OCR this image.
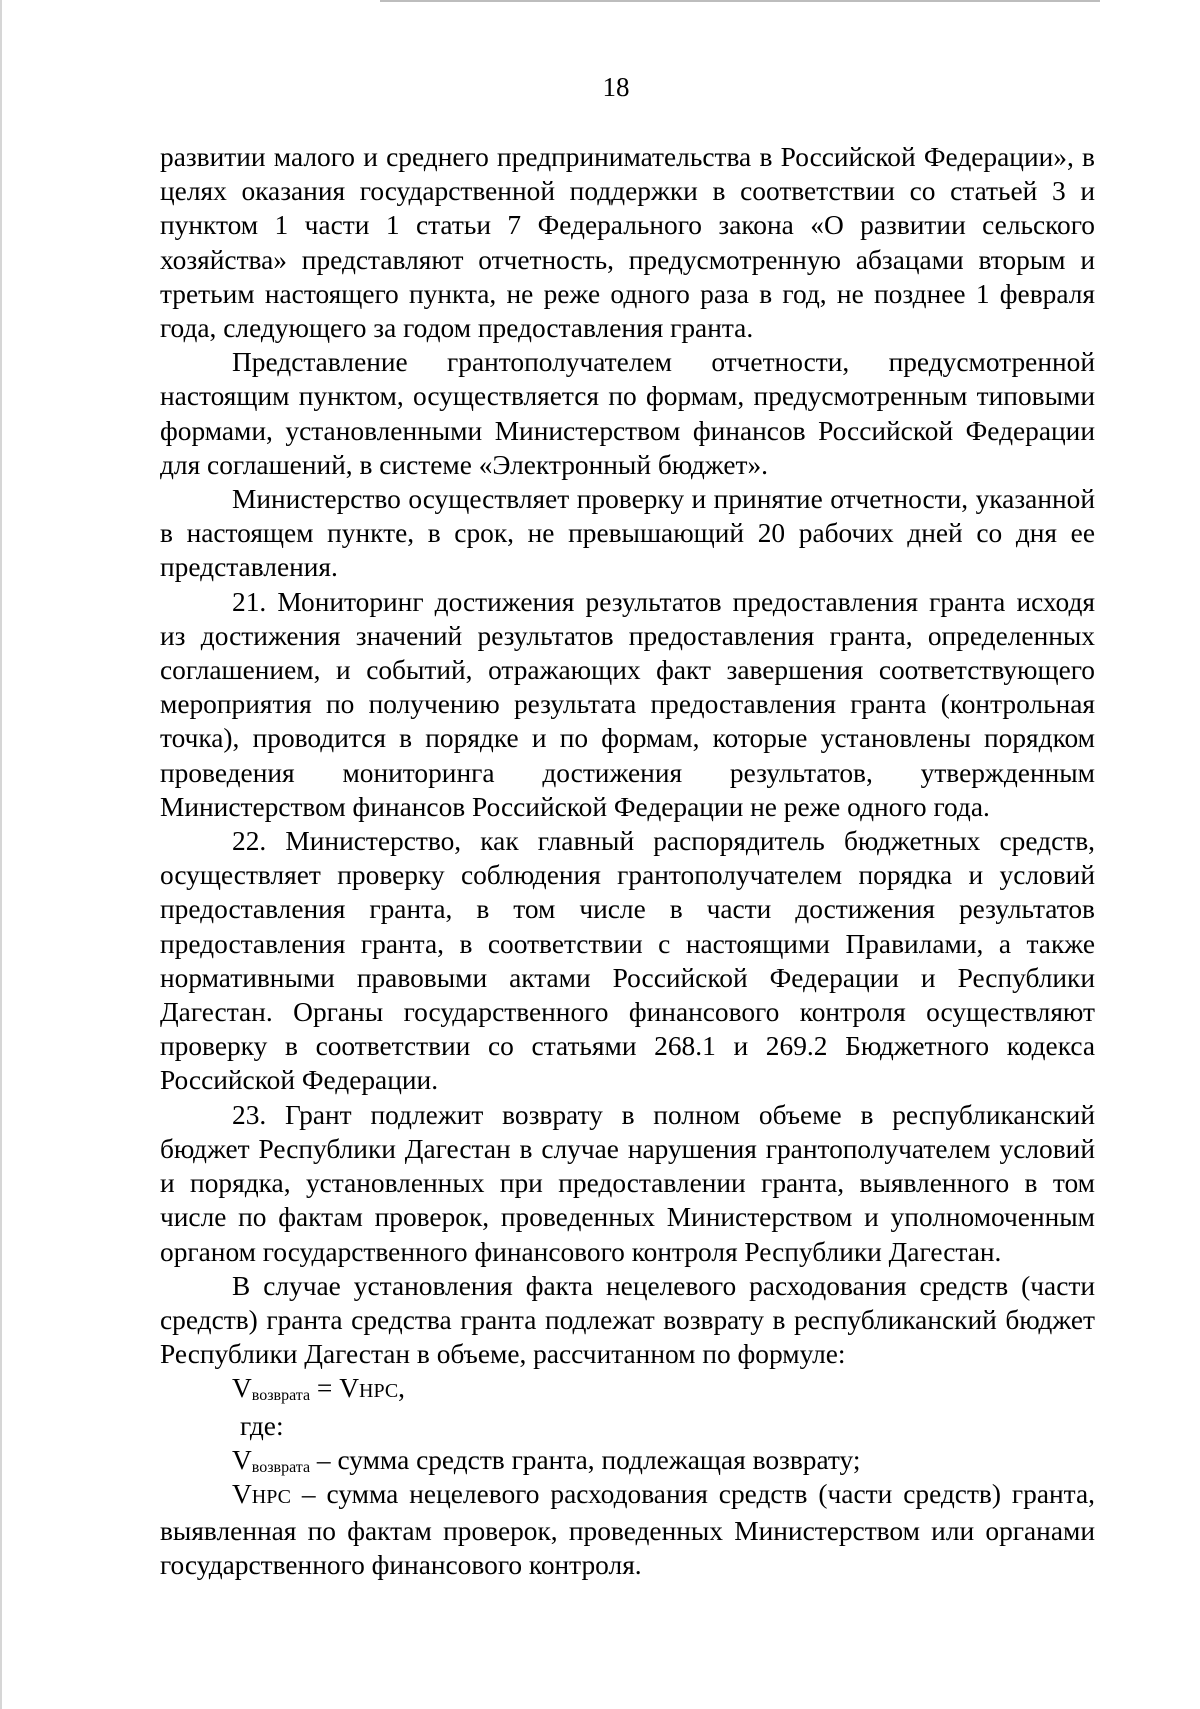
18

развитии малого и среднего предпринимательства в Российской Федерации», в целях оказания государственной поддержки в соответствии со статьей 3 и пунктом 1 части 1 статьи 7 Федерального закона «О развитии сельского хозяйства» представляют отчетность, предусмотренную абзацами вторым и третьим настоящего пункта, не реже одного раза в год, не позднее 1 февраля года, следующего за годом предоставления гранта.

Представление грантополучателем отчетности, предусмотренной настоящим пунктом, осуществляется по формам, предусмотренным типовыми формами, установленными Министерством финансов Российской Федерации для соглашений, в системе «Электронный бюджет».

Министерство осуществляет проверку и принятие отчетности, указанной в настоящем пункте, в срок, не превышающий 20 рабочих дней со дня ее представления.

21. Мониторинг достижения результатов предоставления гранта исходя из достижения значений результатов предоставления гранта, определенных соглашением, и событий, отражающих факт завершения соответствующего мероприятия по получению результата предоставления гранта (контрольная точка), проводится в порядке и по формам, которые установлены порядком проведения мониторинга достижения результатов, утвержденным Министерством финансов Российской Федерации не реже одного года.

22. Министерство, как главный распорядитель бюджетных средств, осуществляет проверку соблюдения грантополучателем порядка и условий предоставления гранта, в том числе в части достижения результатов предоставления гранта, в соответствии с настоящими Правилами, а также нормативными правовыми актами Российской Федерации и Республики Дагестан. Органы государственного финансового контроля осуществляют проверку в соответствии со статьями 268.1 и 269.2 Бюджетного кодекса Российской Федерации.

23. Грант подлежит возврату в полном объеме в республиканский бюджет Республики Дагестан в случае нарушения грантополучателем условий и порядка, установленных при предоставлении гранта, выявленного в том числе по фактам проверок, проведенных Министерством и уполномоченным органом государственного финансового контроля Республики Дагестан.

В случае установления факта нецелевого расходования средств (части средств) гранта средства гранта подлежат возврату в республиканский бюджет Республики Дагестан в объеме, рассчитанном по формуле:

$V_{возврата}$ = VНРС,

где:

$V_{возврата}$ – сумма средств гранта, подлежащая возврату;

VНРС – сумма нецелевого расходования средств (части средств) гранта, выявленная по фактам проверок, проведенных Министерством или органами государственного финансового контроля.
